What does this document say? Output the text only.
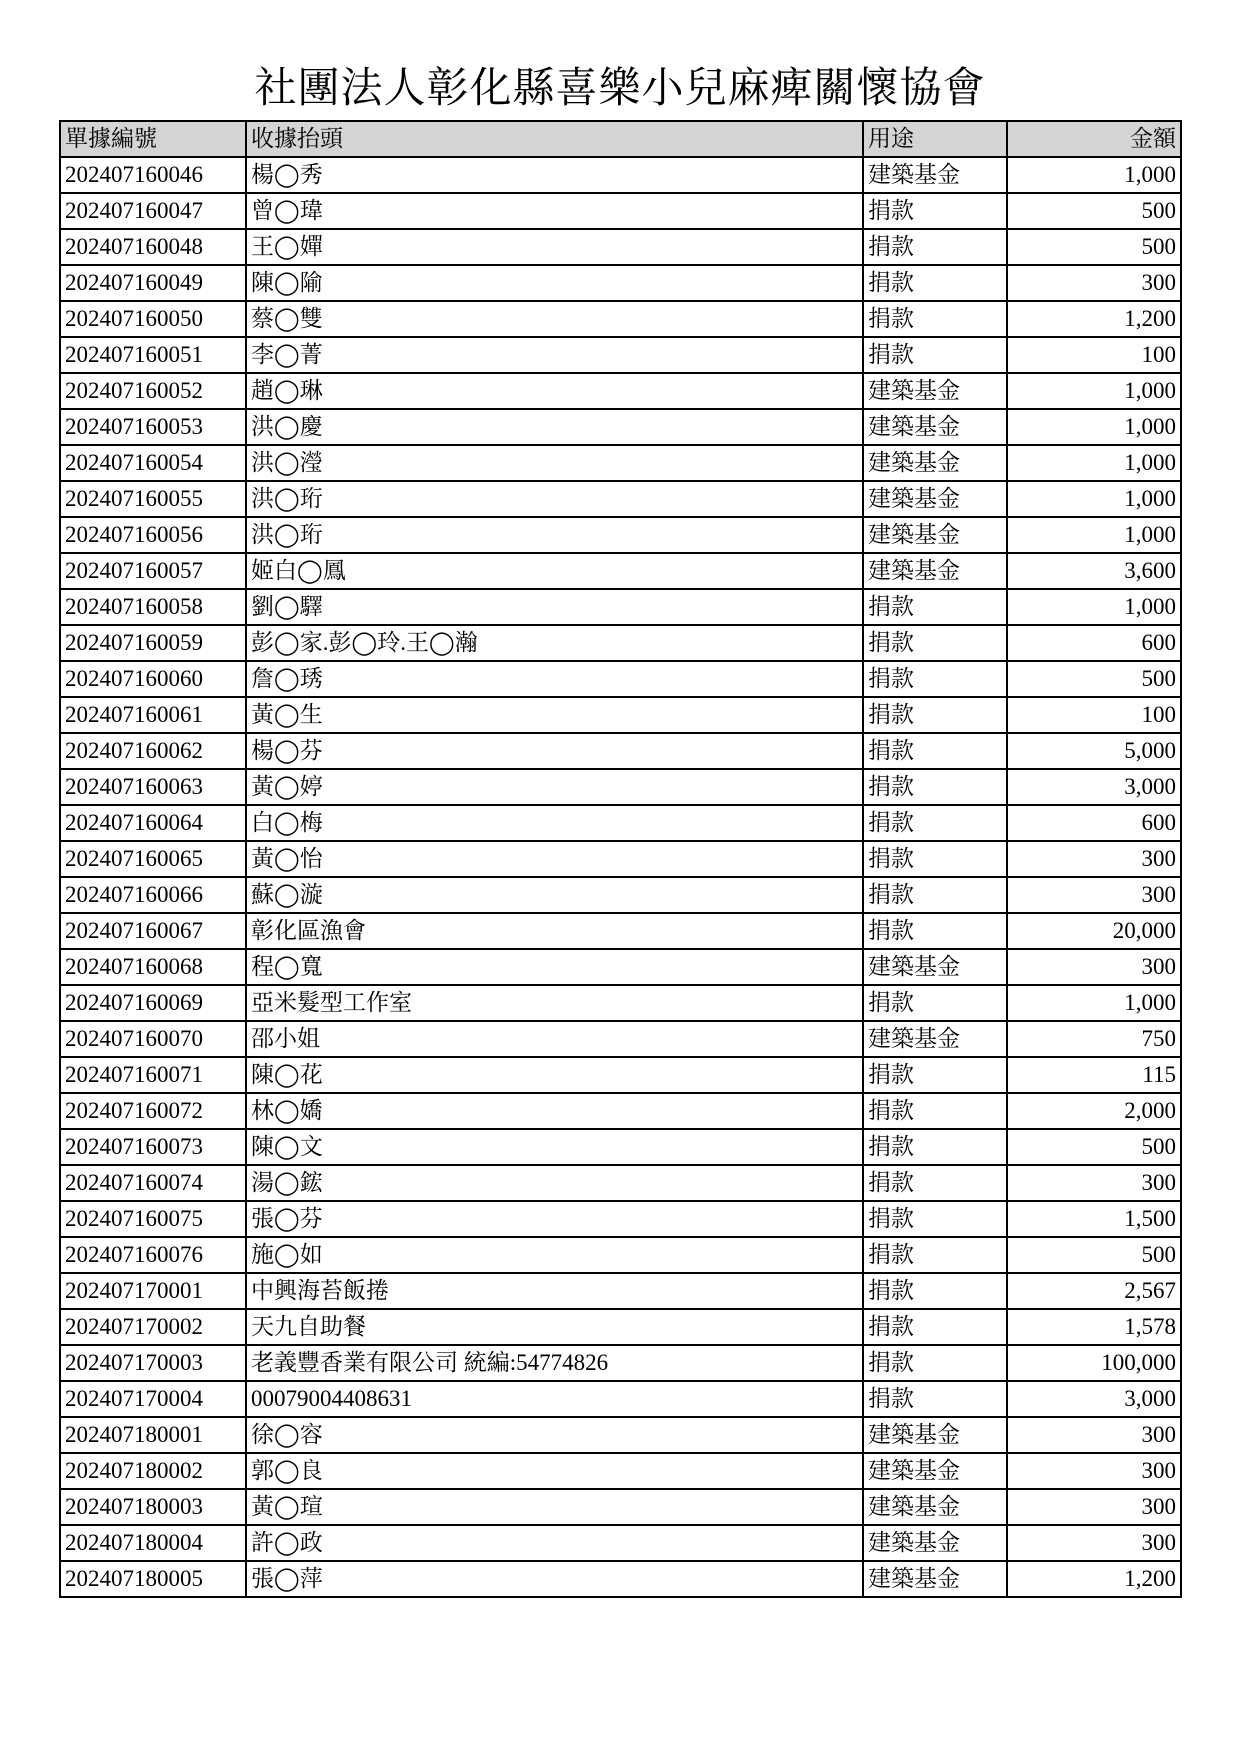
社團法人彰化縣喜樂小兒麻痺關懷協會
單據編號	收據抬頭	用途	金額
202407160046	楊◯秀	建築基金	1,000
202407160047	曾◯瑋	捐款	500
202407160048	王◯嬋	捐款	500
202407160049	陳◯隃	捐款	300
202407160050	蔡◯雙	捐款	1,200
202407160051	李◯菁	捐款	100
202407160052	趙◯琳	建築基金	1,000
202407160053	洪◯慶	建築基金	1,000
202407160054	洪◯瀅	建築基金	1,000
202407160055	洪◯珩	建築基金	1,000
202407160056	洪◯珩	建築基金	1,000
202407160057	姬白◯鳳	建築基金	3,600
202407160058	劉◯驛	捐款	1,000
202407160059	彭◯家.彭◯玲.王◯瀚	捐款	600
202407160060	詹◯琇	捐款	500
202407160061	黃◯生	捐款	100
202407160062	楊◯芬	捐款	5,000
202407160063	黃◯婷	捐款	3,000
202407160064	白◯梅	捐款	600
202407160065	黃◯怡	捐款	300
202407160066	蘇◯漩	捐款	300
202407160067	彰化區漁會	捐款	20,000
202407160068	程◯寬	建築基金	300
202407160069	亞米髮型工作室	捐款	1,000
202407160070	邵小姐	建築基金	750
202407160071	陳◯花	捐款	115
202407160072	林◯嬌	捐款	2,000
202407160073	陳◯文	捐款	500
202407160074	湯◯鋐	捐款	300
202407160075	張◯芬	捐款	1,500
202407160076	施◯如	捐款	500
202407170001	中興海苔飯捲	捐款	2,567
202407170002	天九自助餐	捐款	1,578
202407170003	老義豐香業有限公司 統編:54774826	捐款	100,000
202407170004	00079004408631	捐款	3,000
202407180001	徐◯容	建築基金	300
202407180002	郭◯良	建築基金	300
202407180003	黃◯瑄	建築基金	300
202407180004	許◯政	建築基金	300
202407180005	張◯萍	建築基金	1,200
